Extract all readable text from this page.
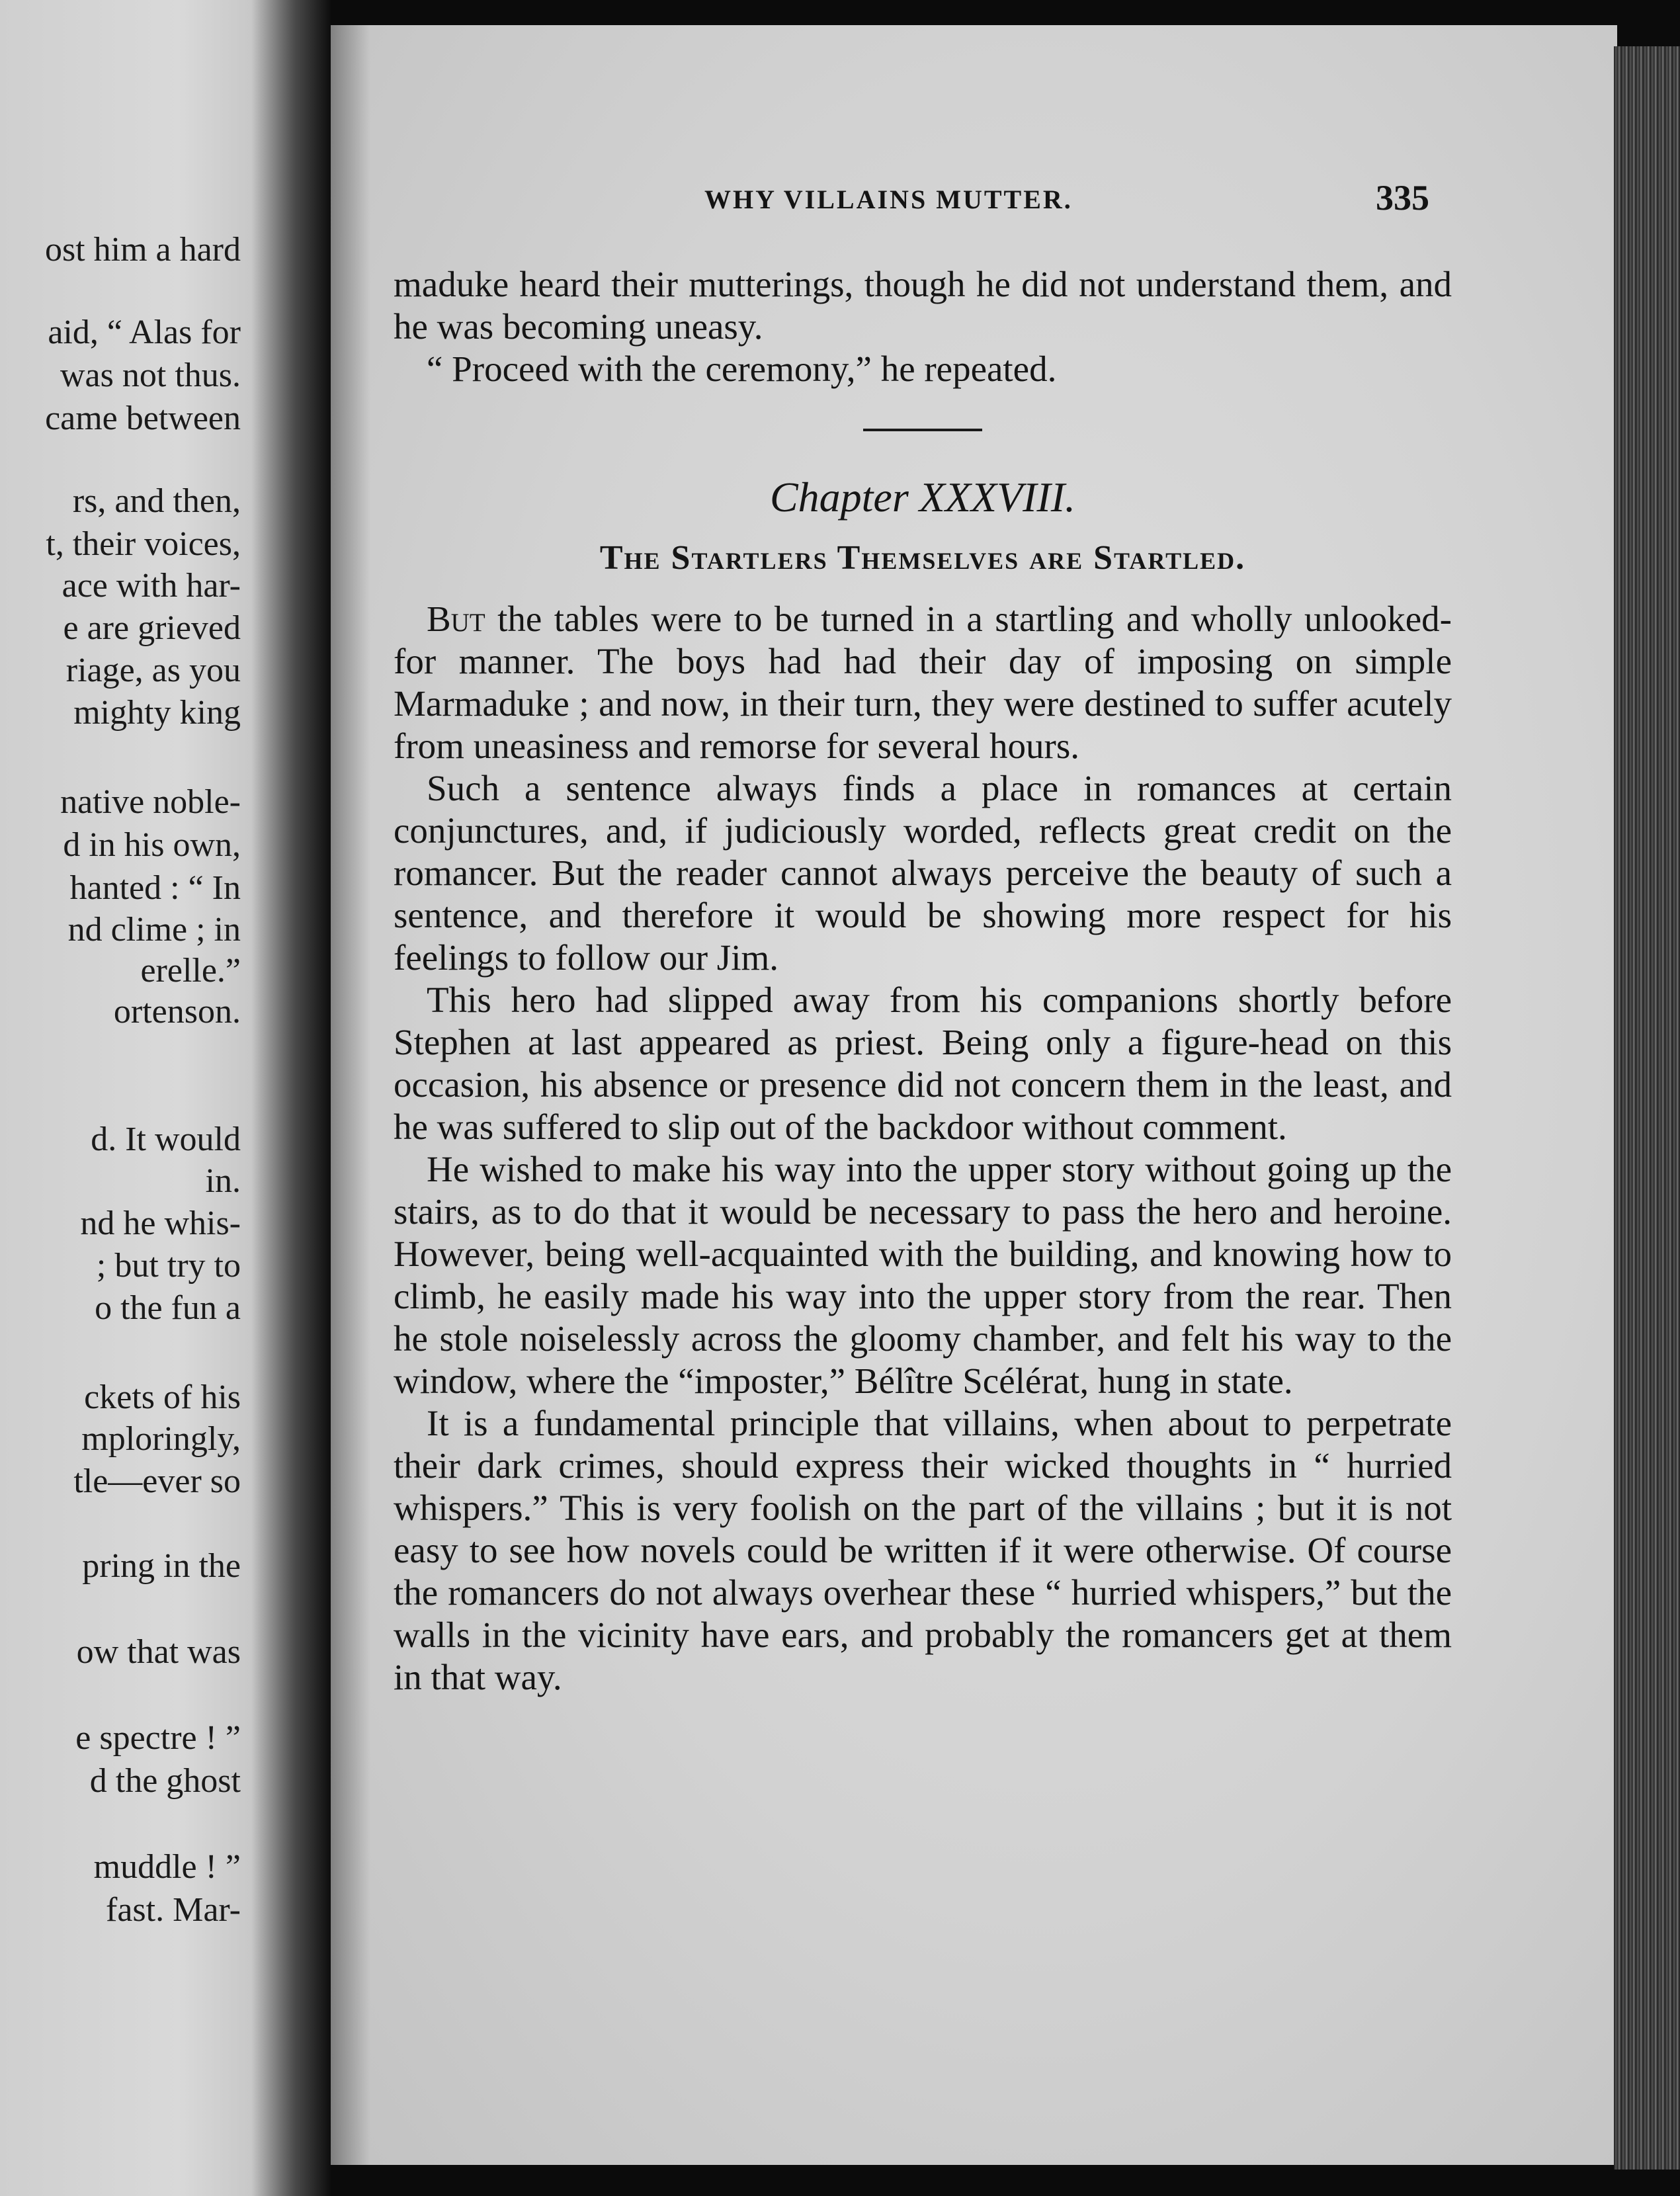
ost him a hard
aid, “ Alas for
was not thus.
came between
rs, and then,
t, their voices,
ace with har-
e are grieved
riage, as you
mighty king
native noble-
d in his own,
hanted : “ In
nd clime ; in
erelle.”
ortenson.
d. It would
in.
nd he whis-
; but try to
o the fun a
ckets of his
mploringly,
tle—ever so
pring in the
ow that was
e spectre ! ”
d the ghost
muddle ! ”
fast. Mar-
WHY VILLAINS MUTTER.	335

maduke heard their mutterings, though he did not understand them, and he was becoming uneasy.

“ Proceed with the ceremony,” he repeated.

Chapter XXXVIII.
The Startlers Themselves are Startled.

But the tables were to be turned in a startling and wholly unlooked-for manner. The boys had had their day of imposing on simple Marmaduke ; and now, in their turn, they were destined to suffer acutely from uneasiness and remorse for several hours.

Such a sentence always finds a place in romances at certain conjunctures, and, if judiciously worded, reflects great credit on the romancer. But the reader cannot always perceive the beauty of such a sentence, and therefore it would be showing more respect for his feelings to follow our Jim.

This hero had slipped away from his companions shortly before Stephen at last appeared as priest. Being only a figure-head on this occasion, his absence or presence did not concern them in the least, and he was suffered to slip out of the backdoor without comment.

He wished to make his way into the upper story without going up the stairs, as to do that it would be necessary to pass the hero and heroine. However, being well-acquainted with the building, and knowing how to climb, he easily made his way into the upper story from the rear. Then he stole noiselessly across the gloomy chamber, and felt his way to the window, where the “imposter,” Bélître Scélérat, hung in state.

It is a fundamental principle that villains, when about to perpetrate their dark crimes, should express their wicked thoughts in “ hurried whispers.” This is very foolish on the part of the villains ; but it is not easy to see how novels could be written if it were otherwise. Of course the romancers do not always overhear these “ hurried whispers,” but the walls in the vicinity have ears, and probably the romancers get at them in that way.
